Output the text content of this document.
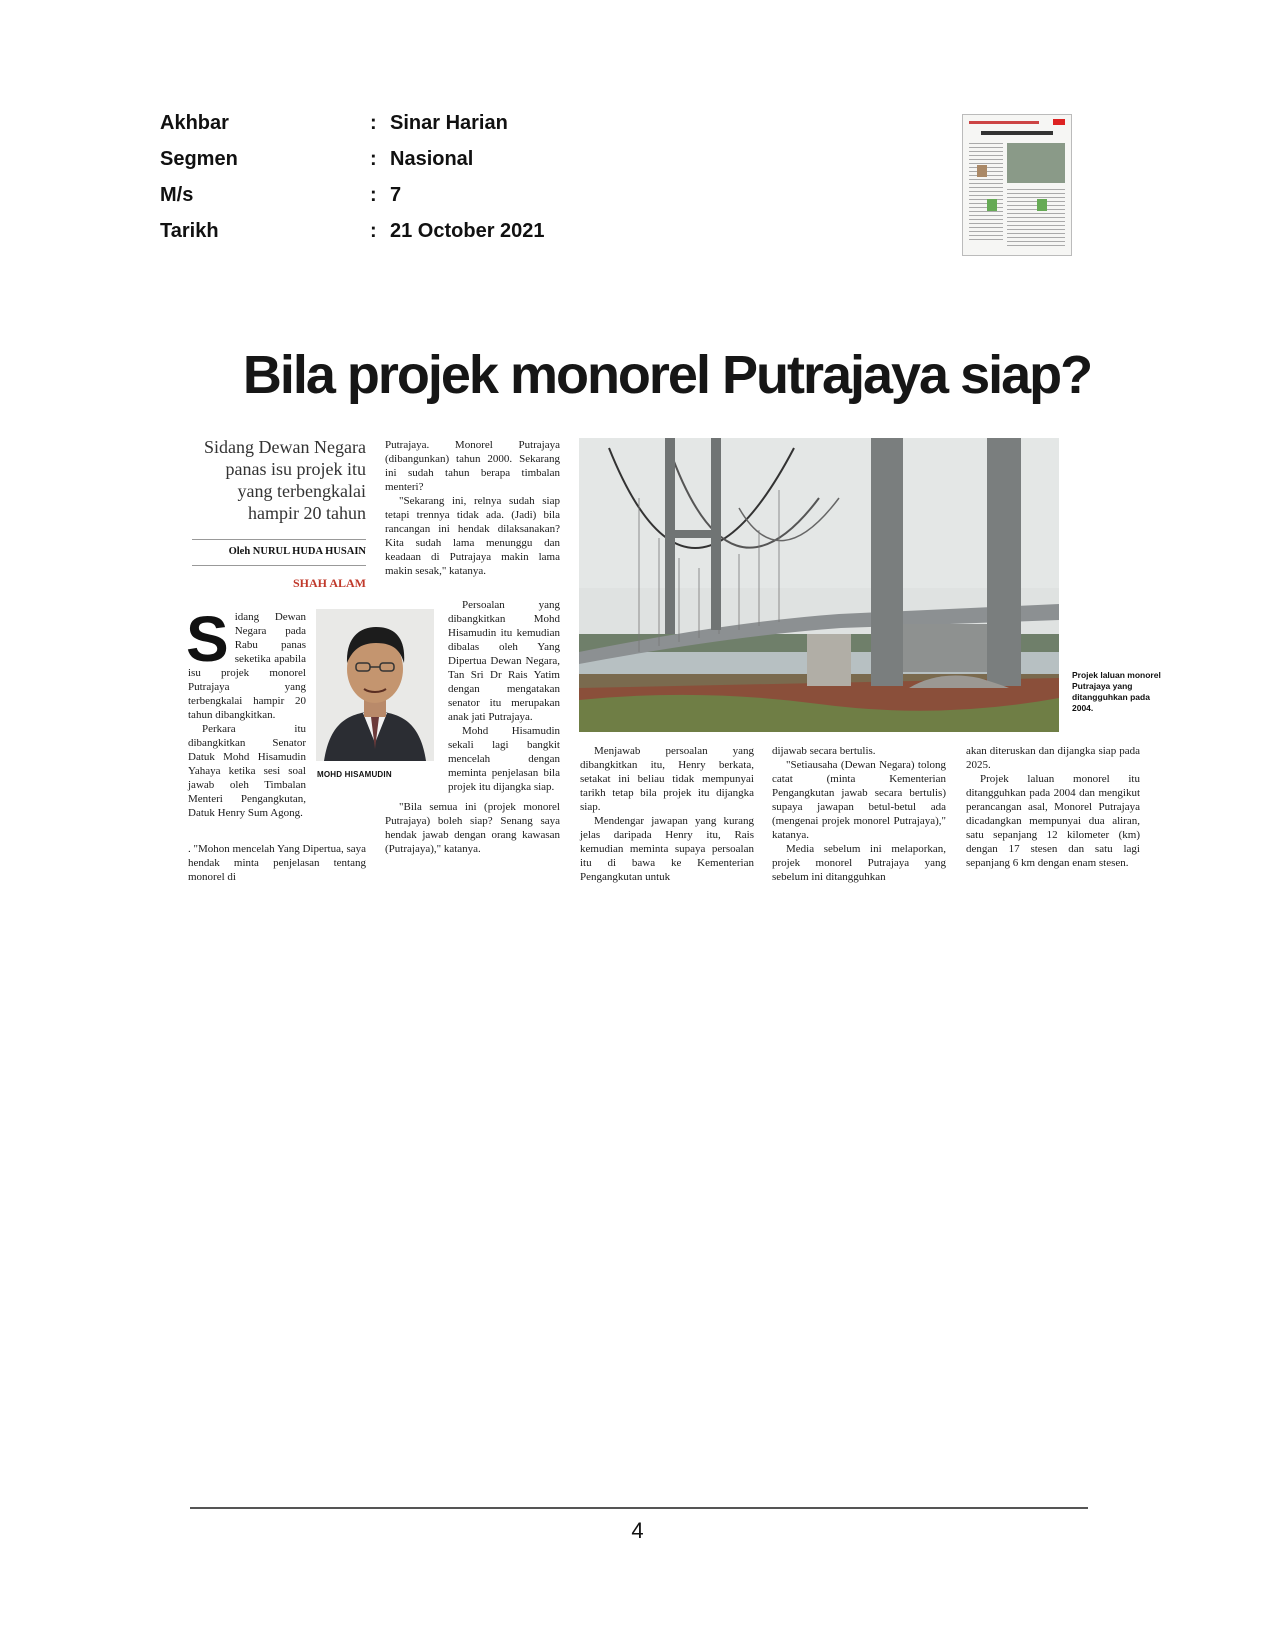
Akhbar	: Sinar Harian
Segmen	: Nasional
M/s	: 7
Tarikh	: 21 October 2021
Bila projek monorel Putrajaya siap?
Sidang Dewan Negara panas isu projek itu yang terbengkalai hampir 20 tahun
Oleh NURUL HUDA HUSAIN
SHAH ALAM

Sidang Dewan Negara pada Rabu panas seketika apabila isu projek monorel Putrajaya yang terbengkalai hampir 20 tahun dibangkitkan.

Perkara itu dibangkitkan Senator Datuk Mohd Hisamudin Yahaya ketika sesi soal jawab oleh Timbalan Menteri Pengangkutan, Datuk Henry Sum Agong.

. "Mohon mencelah Yang Dipertua, saya hendak minta penjelasan tentang monorel di

MOHD HISAMUDIN

Putrajaya. Monorel Putrajaya (dibangunkan) tahun 2000. Sekarang ini sudah tahun berapa timbalan menteri?

"Sekarang ini, relnya sudah siap tetapi trennya tidak ada. (Jadi) bila rancangan ini hendak dilaksanakan? Kita sudah lama menunggu dan keadaan di Putrajaya makin lama makin sesak," katanya.

Persoalan yang dibangkitkan Mohd Hisamudin itu kemudian dibalas oleh Yang Dipertua Dewan Negara, Tan Sri Dr Rais Yatim dengan mengatakan senator itu merupakan anak jati Putrajaya.

Mohd Hisamudin sekali lagi bangkit mencelah dengan meminta penjelasan bila projek itu dijangka siap.

"Bila semua ini (projek monorel Putrajaya) boleh siap? Senang saya hendak jawab dengan orang kawasan (Putrajaya)," katanya.

Projek laluan monorel Putrajaya yang ditangguhkan pada 2004.

Menjawab persoalan yang dibangkitkan itu, Henry berkata, setakat ini beliau tidak mempunyai tarikh tetap bila projek itu dijangka siap.

Mendengar jawapan yang kurang jelas daripada Henry itu, Rais kemudian meminta supaya persoalan itu di bawa ke Kementerian Pengangkutan untuk

dijawab secara bertulis.

"Setiausaha (Dewan Negara) tolong catat (minta Kementerian Pengangkutan jawab secara bertulis) supaya jawapan betul-betul ada (mengenai projek monorel Putrajaya)," katanya.

Media sebelum ini melaporkan, projek monorel Putrajaya yang sebelum ini ditangguhkan

akan diteruskan dan dijangka siap pada 2025.

Projek laluan monorel itu ditangguhkan pada 2004 dan mengikut perancangan asal, Monorel Putrajaya dicadangkan mempunyai dua aliran, satu sepanjang 12 kilometer (km) dengan 17 stesen dan satu lagi sepanjang 6 km dengan enam stesen.

4
